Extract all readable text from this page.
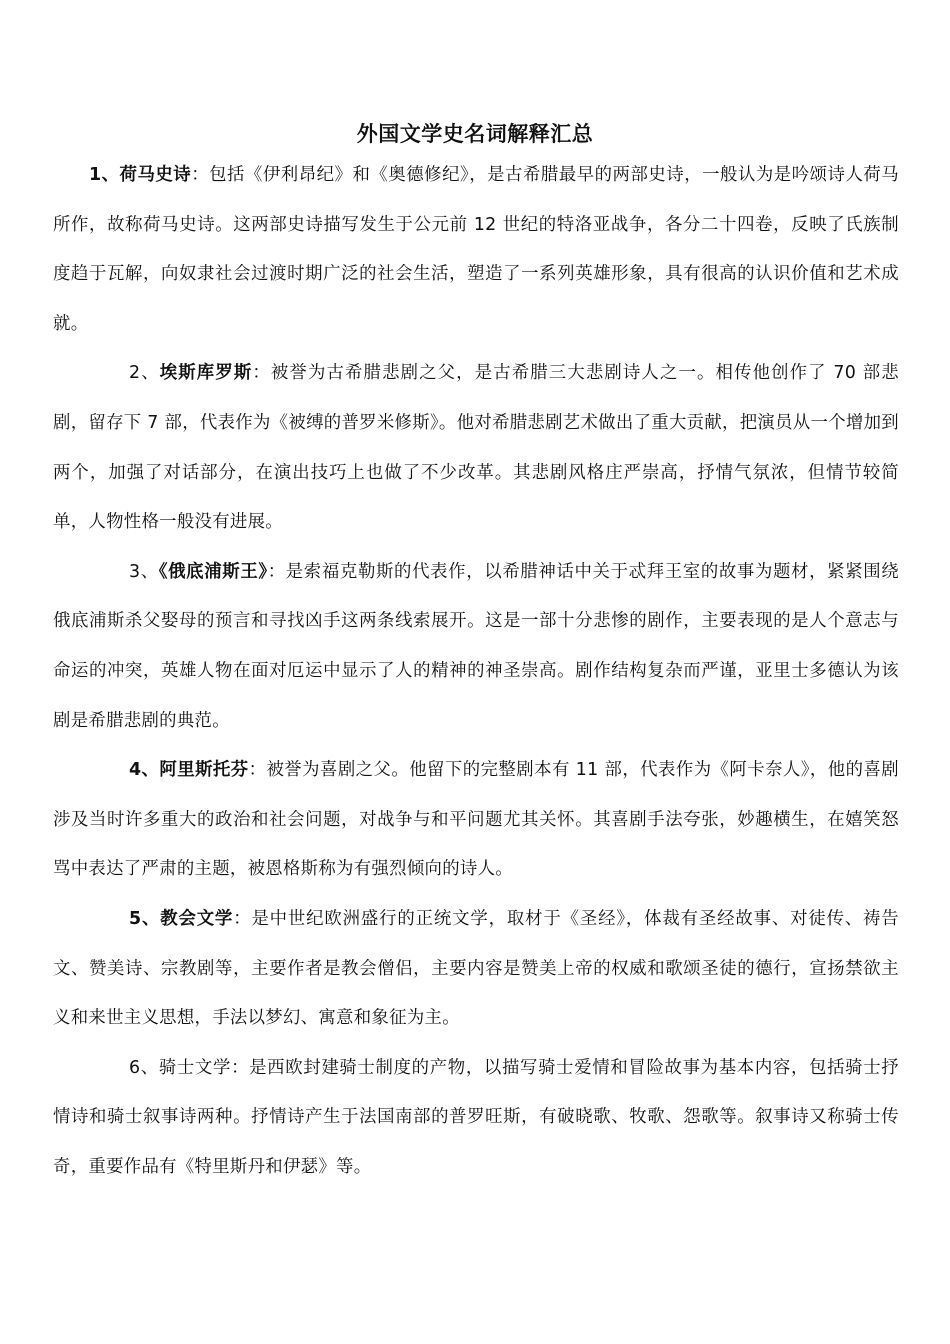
外国文学史名词解释汇总

1、荷马史诗：包括《伊利昂纪》和《奥德修纪》，是古希腊最早的两部史诗，一般认为是吟颂诗人荷马所作，故称荷马史诗。这两部史诗描写发生于公元前 12 世纪的特洛亚战争，各分二十四卷，反映了氏族制度趋于瓦解，向奴隶社会过渡时期广泛的社会生活，塑造了一系列英雄形象，具有很高的认识价值和艺术成就。

2、埃斯库罗斯：被誉为古希腊悲剧之父，是古希腊三大悲剧诗人之一。相传他创作了 70 部悲剧，留存下 7 部，代表作为《被缚的普罗米修斯》。他对希腊悲剧艺术做出了重大贡献，把演员从一个增加到两个，加强了对话部分，在演出技巧上也做了不少改革。其悲剧风格庄严崇高，抒情气氛浓，但情节较简单，人物性格一般没有进展。

3、《俄底浦斯王》：是索福克勒斯的代表作，以希腊神话中关于忒拜王室的故事为题材，紧紧围绕俄底浦斯杀父娶母的预言和寻找凶手这两条线索展开。这是一部十分悲惨的剧作，主要表现的是人个意志与命运的冲突，英雄人物在面对厄运中显示了人的精神的神圣崇高。剧作结构复杂而严谨，亚里士多德认为该剧是希腊悲剧的典范。

4、阿里斯托芬：被誉为喜剧之父。他留下的完整剧本有 11 部，代表作为《阿卡奈人》，他的喜剧涉及当时许多重大的政治和社会问题，对战争与和平问题尤其关怀。其喜剧手法夸张，妙趣横生，在嬉笑怒骂中表达了严肃的主题，被恩格斯称为有强烈倾向的诗人。

5、教会文学：是中世纪欧洲盛行的正统文学，取材于《圣经》，体裁有圣经故事、对徒传、祷告文、赞美诗、宗教剧等，主要作者是教会僧侣，主要内容是赞美上帝的权威和歌颂圣徒的德行，宣扬禁欲主义和来世主义思想，手法以梦幻、寓意和象征为主。

6、骑士文学：是西欧封建骑士制度的产物，以描写骑士爱情和冒险故事为基本内容，包括骑士抒情诗和骑士叙事诗两种。抒情诗产生于法国南部的普罗旺斯，有破晓歌、牧歌、怨歌等。叙事诗又称骑士传奇，重要作品有《特里斯丹和伊瑟》等。
